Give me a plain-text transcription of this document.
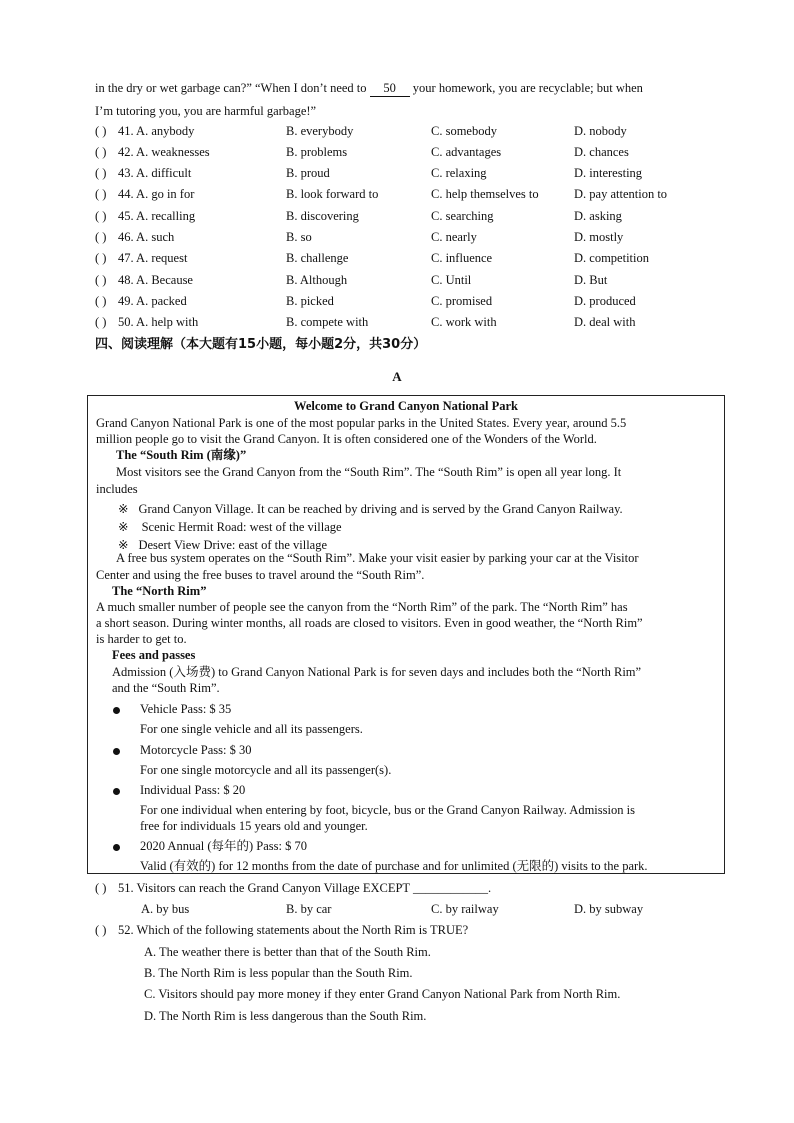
in the dry or wet garbage can?” “When I don’t need to 50 your homework, you are recyclable; but when

I’m tutoring you, you are harmful garbage!”

( ) 41. A. anybody	B. everybody	C. somebody	D. nobody
( ) 42. A. weaknesses	B. problems	C. advantages	D. chances
( ) 43. A. difficult	B. proud	C. relaxing	D. interesting
( ) 44. A. go in for	B. look forward to	C. help themselves to	D. pay attention to
( ) 45. A. recalling	B. discovering	C. searching	D. asking
( ) 46. A. such	B. so	C. nearly	D. mostly
( ) 47. A. request	B. challenge	C. influence	D. competition
( ) 48. A. Because	B. Although	C. Until	D. But
( ) 49. A. packed	B. picked	C. promised	D. produced
( ) 50. A. help with	B. compete with	C. work with	D. deal with
四、阅读理解（本大题有15小题，每小题2分，共30分）
A

Welcome to Grand Canyon National Park

Grand Canyon National Park is one of the most popular parks in the United States. Every year, around 5.5

million people go to visit the Grand Canyon. It is often considered one of the Wonders of the World.

The “South Rim (南缘)”

Most visitors see the Grand Canyon from the “South Rim”. The “South Rim” is open all year long. It

includes

※ Grand Canyon Village. It can be reached by driving and is served by the Grand Canyon Railway.

※ Scenic Hermit Road: west of the village

※ Desert View Drive: east of the village

A free bus system operates on the “South Rim”. Make your visit easier by parking your car at the Visitor

Center and using the free buses to travel around the “South Rim”.

The “North Rim”

A much smaller number of people see the canyon from the “North Rim” of the park. The “North Rim” has

a short season. During winter months, all roads are closed to visitors. Even in good weather, the “North Rim”

is harder to get to.

Fees and passes

Admission (入场费) to Grand Canyon National Park is for seven days and includes both the “North Rim”

and the “South Rim”.

Vehicle Pass: $ 35

For one single vehicle and all its passengers.

Motorcycle Pass: $ 30

For one single motorcycle and all its passenger(s).

Individual Pass: $ 20

For one individual when entering by foot, bicycle, bus or the Grand Canyon Railway. Admission is

free for individuals 15 years old and younger.

2020 Annual (每年的) Pass: $ 70

Valid (有效的) for 12 months from the date of purchase and for unlimited (无限的) visits to the park.

( ) 51. Visitors can reach the Grand Canyon Village EXCEPT ____________.
A. by bus	B. by car	C. by railway	D. by subway
( ) 52. Which of the following statements about the North Rim is TRUE?
A. The weather there is better than that of the South Rim.
B. The North Rim is less popular than the South Rim.
C. Visitors should pay more money if they enter Grand Canyon National Park from North Rim.
D. The North Rim is less dangerous than the South Rim.
